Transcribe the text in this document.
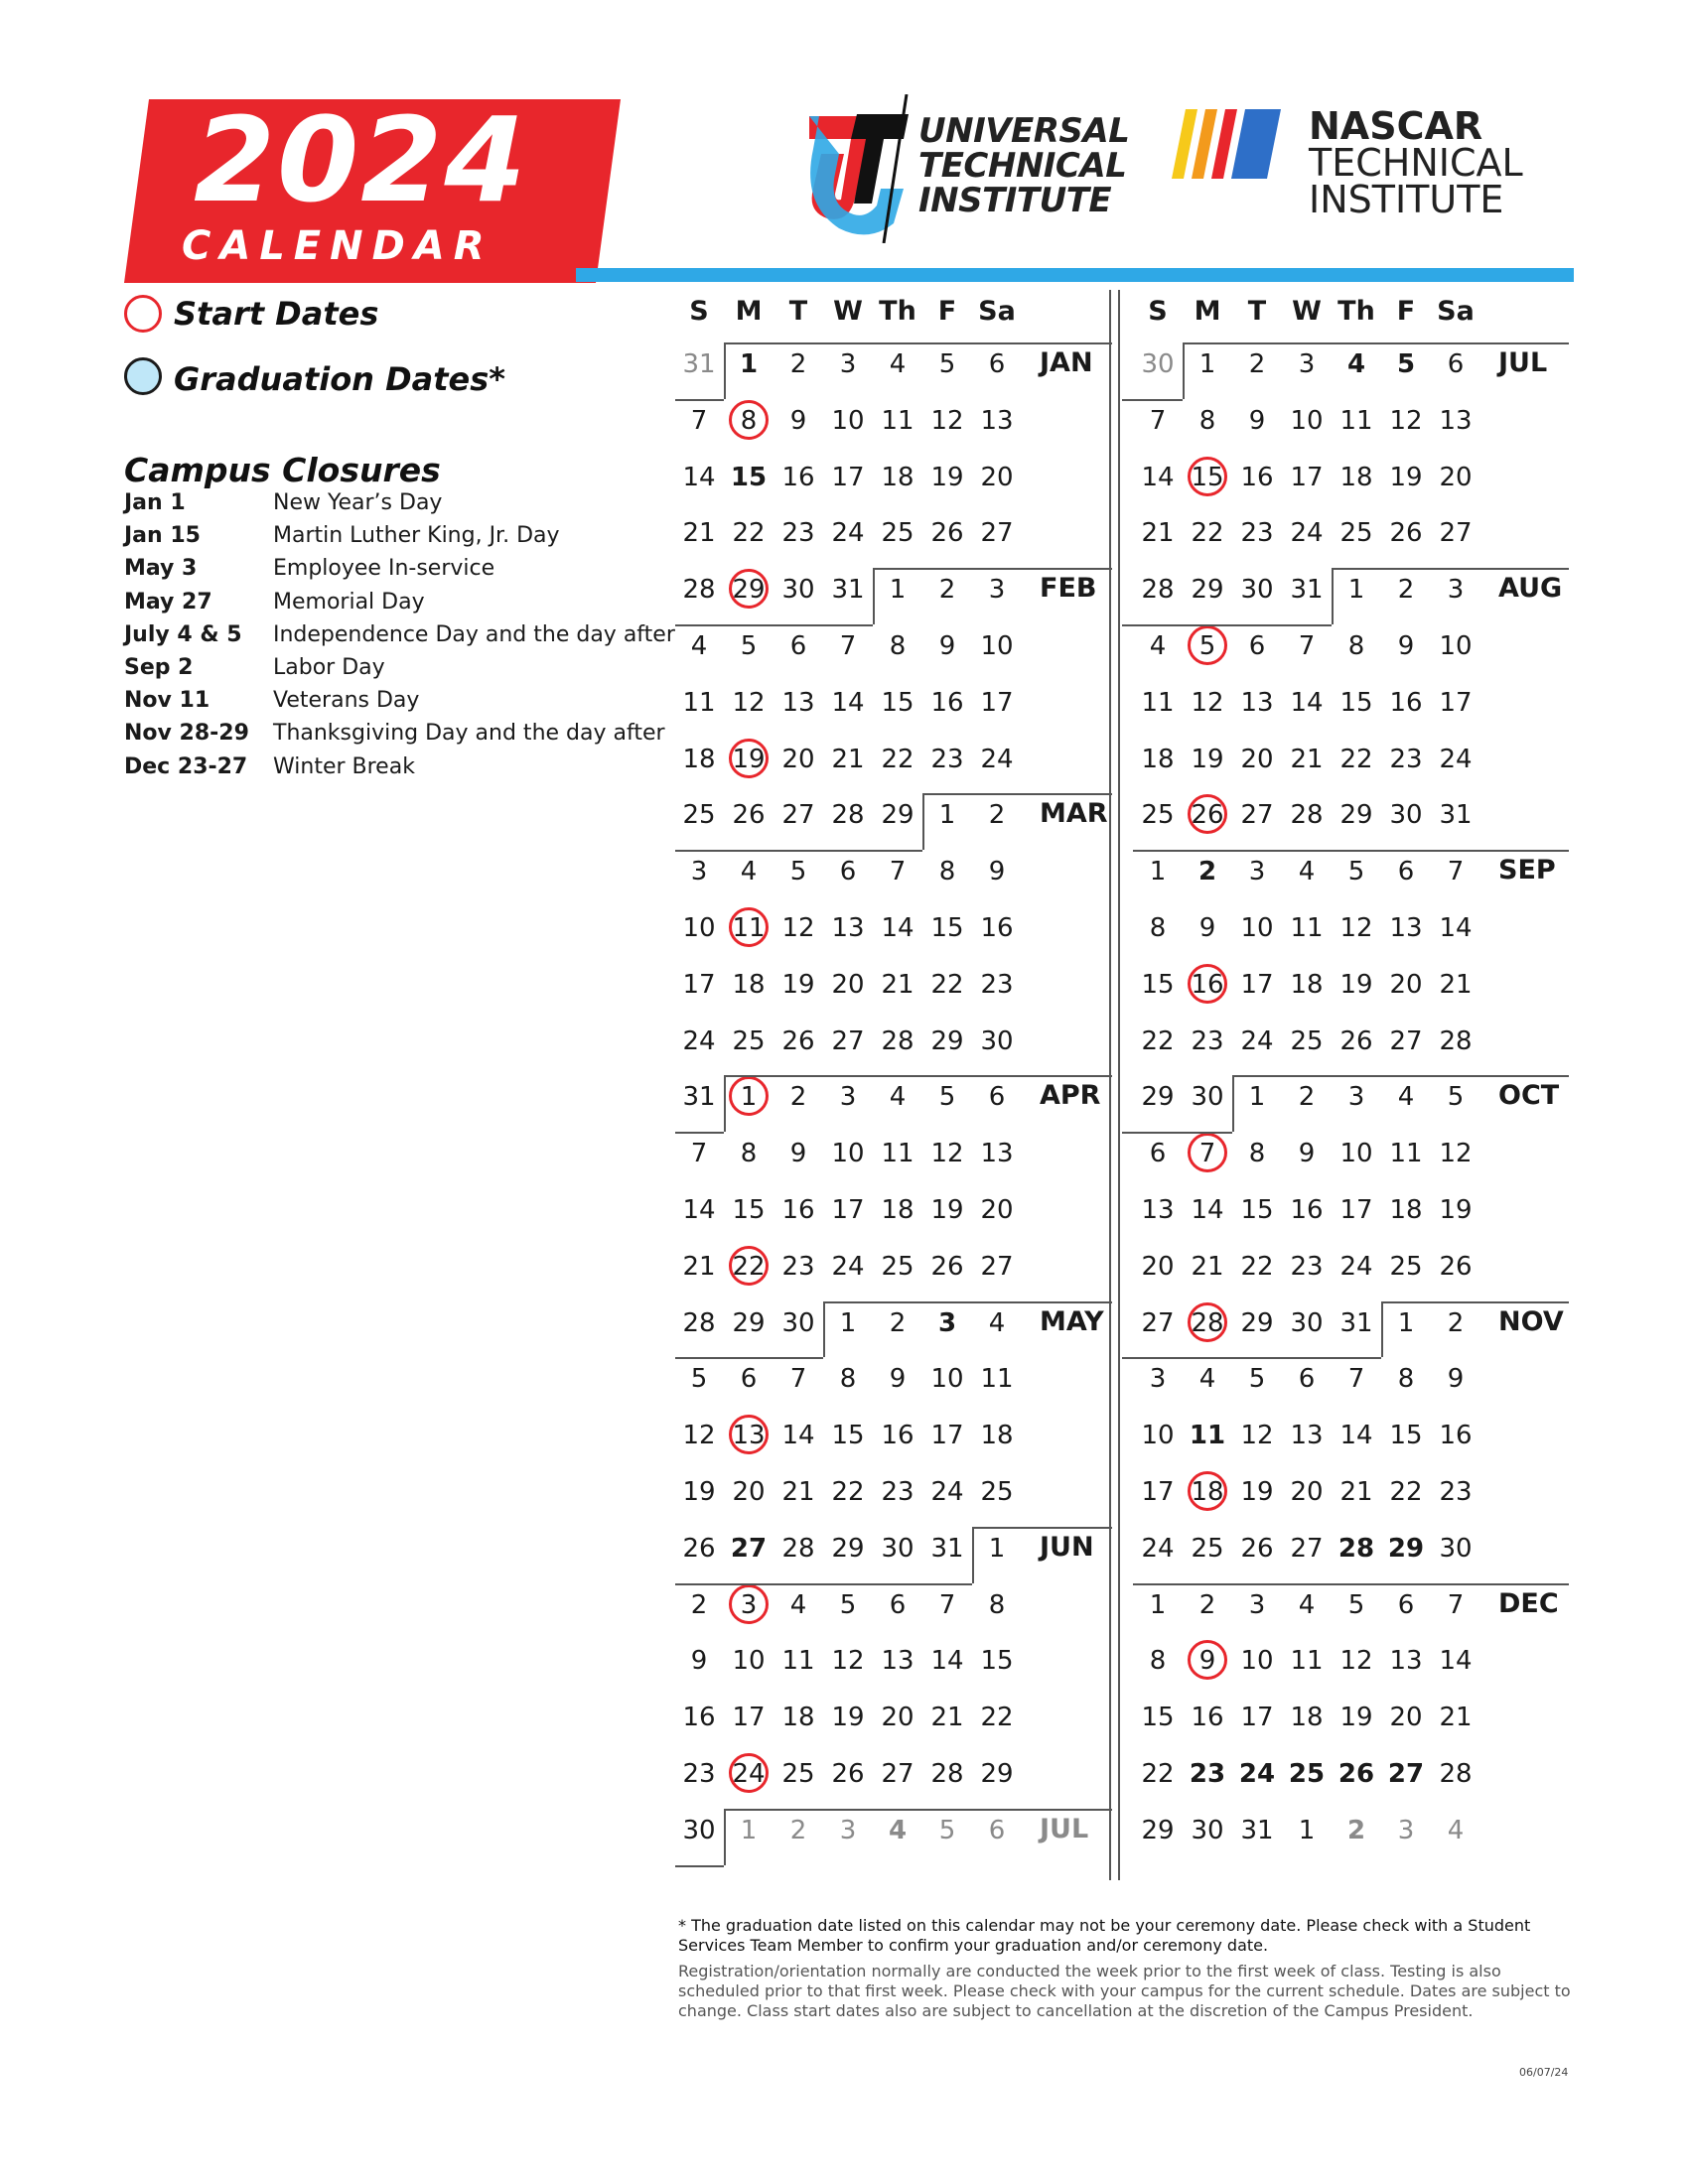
2024
CALENDAR
UNIVERSAL
TECHNICAL
INSTITUTE
NASCAR
TECHNICAL
INSTITUTE
Start Dates
Graduation Dates*
Campus Closures
Jan 1	New Year’s Day
Jan 15	Martin Luther King, Jr. Day
May 3	Employee In-service
May 27	Memorial Day
July 4 & 5 Independence Day and the day after
Sep 2	Labor Day
Nov 11	Veterans Day
Nov 28-29 Thanksgiving Day and the day after
Dec 23-27 Winter Break
S M	T W Th F Sa
31 1	2	3	4	5	6
7	8	9 10 11 12 13
14 15 16 17 18 19 20
21 22 23 24 25 26 27
28 29 30 31 1	2	3
4	5	6	7	8	9 10
11 12 13 14 15 16 17
18 19 20 21 22 23 24
25 26 27 28 29 1	2
3	4	5	6	7	8	9
10 11 12 13 14 15 16
17 18 19 20 21 22 23
24 25 26 27 28 29 30
31 1	2	3	4	5	6
7	8	9 10 11 12 13
14 15 16 17 18 19 20
21 22 23 24 25 26 27
28 29 30 1	2	3	4
5	6	7	8	9 10 11
12 13 14 15 16 17 18
19 20 21 22 23 24 25
26 27 28 29 30 31 1
2	3	4	5	6	7	8
9 10 11 12 13 14 15
16 17 18 19 20 21 22
23 24 25 26 27 28 29
30 1	2	3	4	5	6
JAN
FEB
MAR
APR
MAY
JUN
JUL
S M	T W Th F Sa
30 1	2	3	4	5	6
7	8	9 10 11 12 13
14 15 16 17 18 19 20
21 22 23 24 25 26 27
28 29 30 31 1	2	3
4	5	6	7	8	9 10
11 12 13 14 15 16 17
18 19 20 21 22 23 24
25 26 27 28 29 30 31
1	2	3	4	5	6	7
8	9 10 11 12 13 14
15 16 17 18 19 20 21
22 23 24 25 26 27 28
29 30 1	2	3	4	5
6	7	8	9 10 11 12
13 14 15 16 17 18 19
20 21 22 23 24 25 26
27 28 29 30 31 1	2
3	4	5	6	7	8	9
10 11 12 13 14 15 16
17 18 19 20 21 22 23
24 25 26 27 28 29 30
1	2	3	4	5	6	7
8	9 10 11 12 13 14
15 16 17 18 19 20 21
22 23 24 25 26 27 28
29 30 31 1	2	3	4
JUL
AUG
SEP
OCT
NOV
DEC
* The graduation date listed on this calendar may not be your ceremony date. Please check with a Student Services Team Member to confirm your graduation and/or ceremony date.
Registration/orientation normally are conducted the week prior to the first week of class. Testing is also scheduled prior to that first week. Please check with your campus for the current schedule. Dates are subject to change. Class start dates also are subject to cancellation at the discretion of the Campus President.
06/07/24
